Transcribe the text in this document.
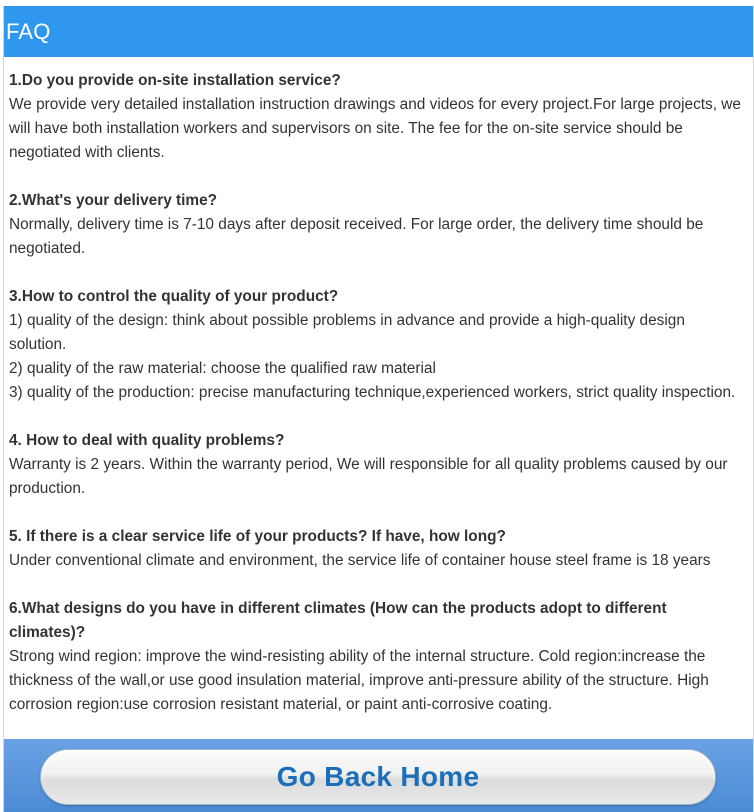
FAQ
1.Do you provide on-site installation service?
We provide very detailed installation instruction drawings and videos for every project.For large projects, we will have both installation workers and supervisors on site. The fee for the on-site service should be negotiated with clients.
2.What's your delivery time?
Normally, delivery time is 7-10 days after deposit received. For large order, the delivery time should be negotiated.
3.How to control the quality of your product?
1) quality of the design: think about possible problems in advance and provide a high-quality design solution.
2) quality of the raw material: choose the qualified raw material
3) quality of the production: precise manufacturing technique,experienced workers, strict quality inspection.
4. How to deal with quality problems?
Warranty is 2 years. Within the warranty period, We will responsible for all quality problems caused by our production.
5. If there is a clear service life of your products? If have, how long?
Under conventional climate and environment, the service life of container house steel frame is 18 years
6.What designs do you have in different climates (How can the products adopt to different climates)?
Strong wind region: improve the wind-resisting ability of the internal structure. Cold region:increase the thickness of the wall,or use good insulation material, improve anti-pressure ability of the structure. High corrosion region:use corrosion resistant material, or paint anti-corrosive coating.
Go Back Home
